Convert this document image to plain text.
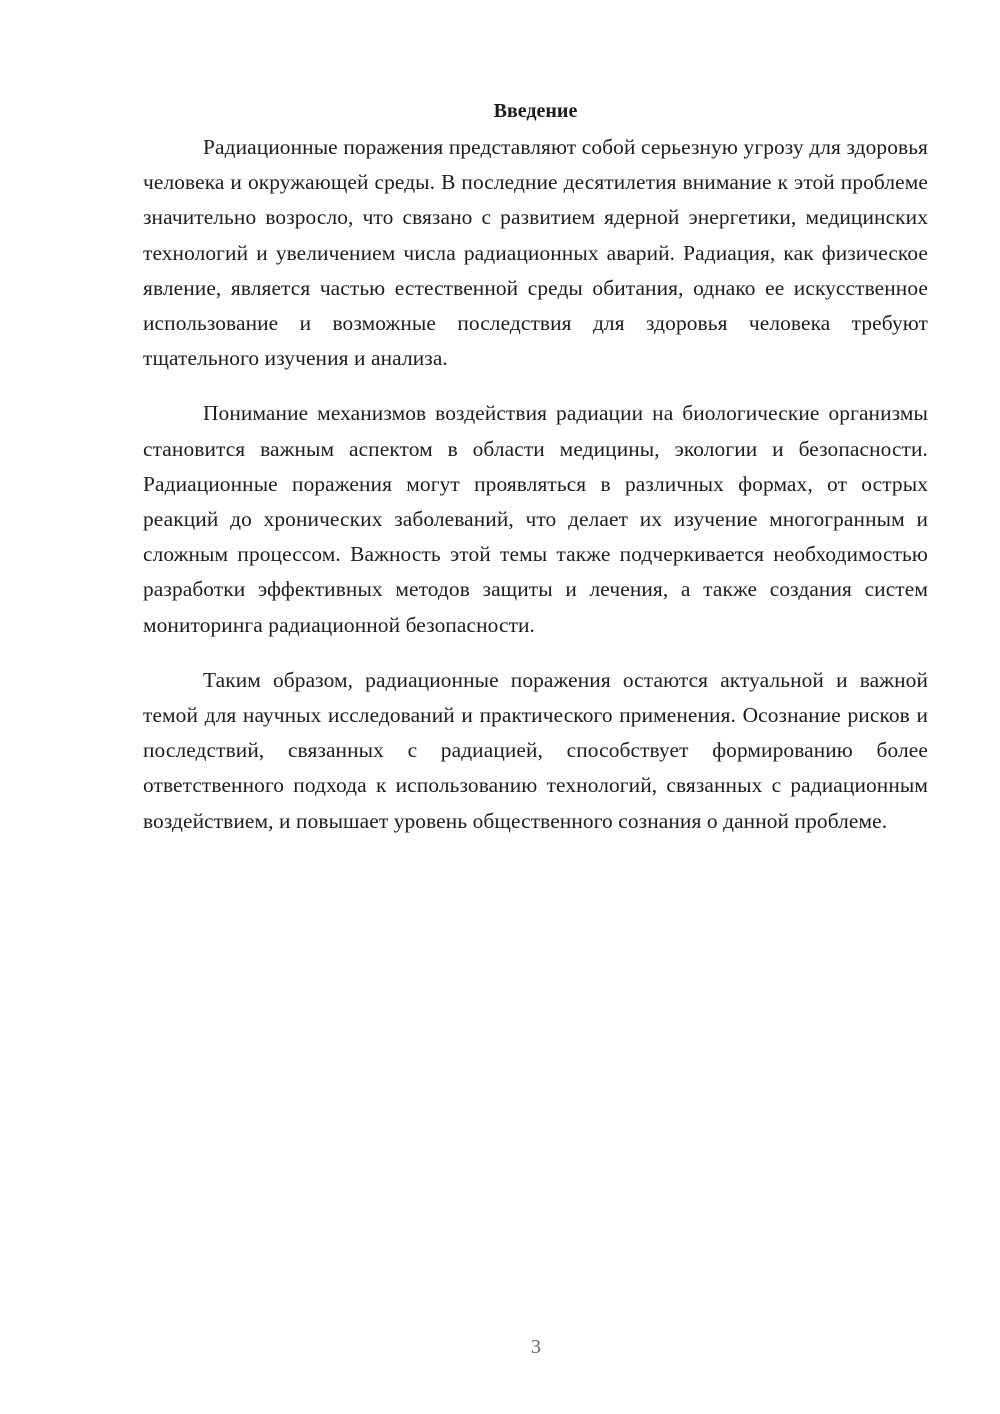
Введение

Радиационные поражения представляют собой серьезную угрозу для здоровья человека и окружающей среды. В последние десятилетия внимание к этой проблеме значительно возросло, что связано с развитием ядерной энергетики, медицинских технологий и увеличением числа радиационных аварий. Радиация, как физическое явление, является частью естественной среды обитания, однако ее искусственное использование и возможные последствия для здоровья человека требуют тщательного изучения и анализа.

Понимание механизмов воздействия радиации на биологические организмы становится важным аспектом в области медицины, экологии и безопасности. Радиационные поражения могут проявляться в различных формах, от острых реакций до хронических заболеваний, что делает их изучение многогранным и сложным процессом. Важность этой темы также подчеркивается необходимостью разработки эффективных методов защиты и лечения, а также создания систем мониторинга радиационной безопасности.

Таким образом, радиационные поражения остаются актуальной и важной темой для научных исследований и практического применения. Осознание рисков и последствий, связанных с радиацией, способствует формированию более ответственного подхода к использованию технологий, связанных с радиационным воздействием, и повышает уровень общественного сознания о данной проблеме.

3
